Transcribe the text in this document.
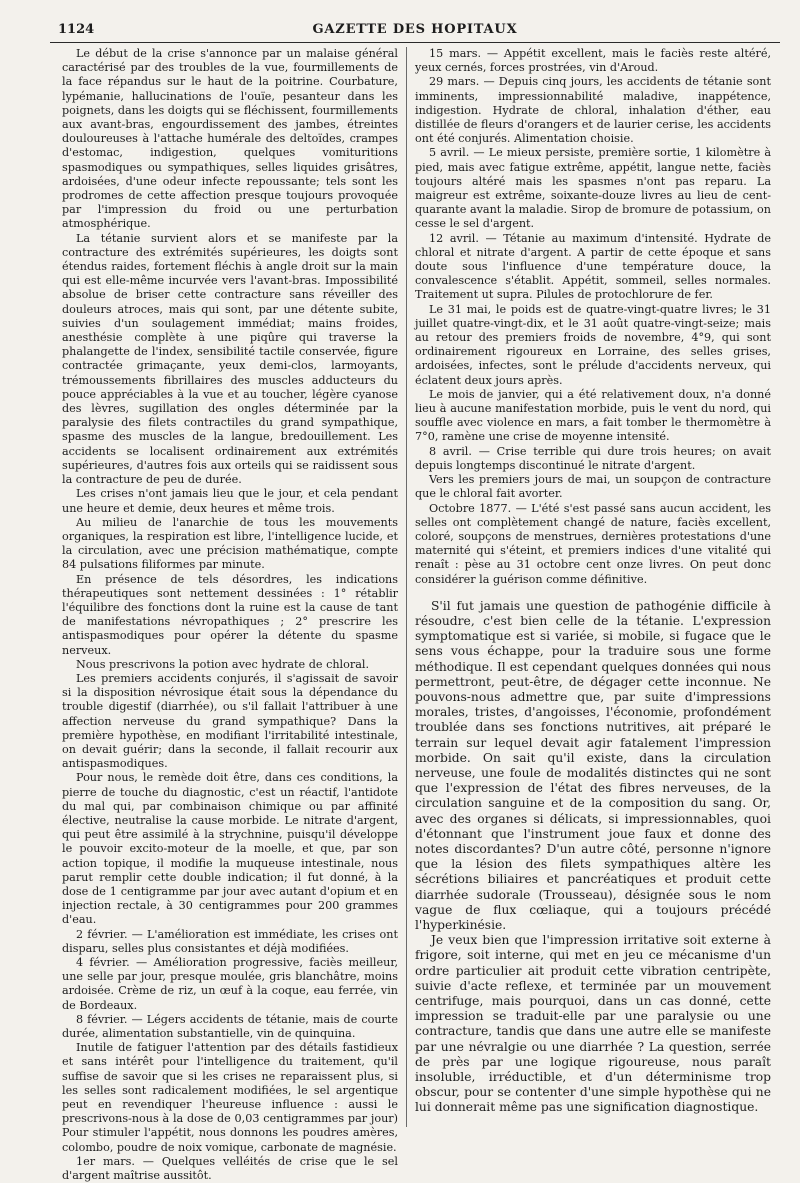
1124	GAZETTE DES HOPITAUX

Le début de la crise s'annonce par un malaise général caractérisé par des troubles de la vue, fourmillements de la face répandus sur le haut de la poitrine. Courbature, lypémanie, hallucinations de l'ouïe, pesanteur dans les poignets, dans les doigts qui se fléchissent, fourmillements aux avant-bras, engourdissement des jambes, étreintes douloureuses à l'attache humérale des deltoïdes, crampes d'estomac, indigestion, quelques vomituritions spasmodiques ou sympathiques, selles liquides grisâtres, ardoisées, d'une odeur infecte repoussante; tels sont les prodromes de cette affection presque toujours provoquée par l'impression du froid ou une perturbation atmosphérique.

La tétanie survient alors et se manifeste par la contracture des extrémités supérieures, les doigts sont étendus raides, fortement fléchis à angle droit sur la main qui est elle-même incurvée vers l'avant-bras. Impossibilité absolue de briser cette contracture sans réveiller des douleurs atroces, mais qui sont, par une détente subite, suivies d'un soulagement immédiat; mains froides, anesthésie complète à une piqûre qui traverse la phalangette de l'index, sensibilité tactile conservée, figure contractée grimaçante, yeux demi-clos, larmoyants, trémoussements fibrillaires des muscles adducteurs du pouce appréciables à la vue et au toucher, légère cyanose des lèvres, sugillation des ongles déterminée par la paralysie des filets contractiles du grand sympathique, spasme des muscles de la langue, bredouillement. Les accidents se localisent ordinairement aux extrémités supérieures, d'autres fois aux orteils qui se raidissent sous la contracture de peu de durée.

Les crises n'ont jamais lieu que le jour, et cela pendant une heure et demie, deux heures et même trois.

Au milieu de l'anarchie de tous les mouvements organiques, la respiration est libre, l'intelligence lucide, et la circulation, avec une précision mathématique, compte 84 pulsations filiformes par minute.

En présence de tels désordres, les indications thérapeutiques sont nettement dessinées : 1° rétablir l'équilibre des fonctions dont la ruine est la cause de tant de manifestations névropathiques ; 2° prescrire les antispasmodiques pour opérer la détente du spasme nerveux.

Nous prescrivons la potion avec hydrate de chloral.

Les premiers accidents conjurés, il s'agissait de savoir si la disposition névrosique était sous la dépendance du trouble digestif (diarrhée), ou s'il fallait l'attribuer à une affection nerveuse du grand sympathique? Dans la première hypothèse, en modifiant l'irritabilité intestinale, on devait guérir; dans la seconde, il fallait recourir aux antispasmodiques.

Pour nous, le remède doit être, dans ces conditions, la pierre de touche du diagnostic, c'est un réactif, l'antidote du mal qui, par combinaison chimique ou par affinité élective, neutralise la cause morbide. Le nitrate d'argent, qui peut être assimilé à la strychnine, puisqu'il développe le pouvoir excito-moteur de la moelle, et que, par son action topique, il modifie la muqueuse intestinale, nous parut remplir cette double indication; il fut donné, à la dose de 1 centigramme par jour avec autant d'opium et en injection rectale, à 30 centigrammes pour 200 grammes d'eau.

2 février. — L'amélioration est immédiate, les crises ont disparu, selles plus consistantes et déjà modifiées.

4 février. — Amélioration progressive, faciès meilleur, une selle par jour, presque moulée, gris blanchâtre, moins ardoisée. Crème de riz, un œuf à la coque, eau ferrée, vin de Bordeaux.

8 février. — Légers accidents de tétanie, mais de courte durée, alimentation substantielle, vin de quinquina.

Inutile de fatiguer l'attention par des détails fastidieux et sans intérêt pour l'intelligence du traitement, qu'il suffise de savoir que si les crises ne reparaissent plus, si les selles sont radicalement modifiées, le sel argentique peut en revendiquer l'heureuse influence : aussi le prescrivons-nous à la dose de 0,03 centigrammes par jour) Pour stimuler l'appétit, nous donnons les poudres amères, colombo, poudre de noix vomique, carbonate de magnésie.

1er mars. — Quelques velléités de crise que le sel d'argent maîtrise aussitôt.

15 mars. — Appétit excellent, mais le faciès reste altéré, yeux cernés, forces prostrées, vin d'Aroud.

29 mars. — Depuis cinq jours, les accidents de tétanie sont imminents, impressionnabilité maladive, inappétence, indigestion. Hydrate de chloral, inhalation d'éther, eau distillée de fleurs d'orangers et de laurier cerise, les accidents ont été conjurés. Alimentation choisie.

5 avril. — Le mieux persiste, première sortie, 1 kilomètre à pied, mais avec fatigue extrême, appétit, langue nette, faciès toujours altéré mais les spasmes n'ont pas reparu. La maigreur est extrême, soixante-douze livres au lieu de cent-quarante avant la maladie. Sirop de bromure de potassium, on cesse le sel d'argent.

12 avril. — Tétanie au maximum d'intensité. Hydrate de chloral et nitrate d'argent. A partir de cette époque et sans doute sous l'influence d'une température douce, la convalescence s'établit. Appétit, sommeil, selles normales. Traitement ut supra. Pilules de protochlorure de fer.

Le 31 mai, le poids est de quatre-vingt-quatre livres; le 31 juillet quatre-vingt-dix, et le 31 août quatre-vingt-seize; mais au retour des premiers froids de novembre, 4°9, qui sont ordinairement rigoureux en Lorraine, des selles grises, ardoisées, infectes, sont le prélude d'accidents nerveux, qui éclatent deux jours après.

Le mois de janvier, qui a été relativement doux, n'a donné lieu à aucune manifestation morbide, puis le vent du nord, qui souffle avec violence en mars, a fait tomber le thermomètre à 7°0, ramène une crise de moyenne intensité.

8 avril. — Crise terrible qui dure trois heures; on avait depuis longtemps discontinué le nitrate d'argent.

Vers les premiers jours de mai, un soupçon de contracture que le chloral fait avorter.

Octobre 1877. — L'été s'est passé sans aucun accident, les selles ont complètement changé de nature, faciès excellent, coloré, soupçons de menstrues, dernières protestations d'une maternité qui s'éteint, et premiers indices d'une vitalité qui renaît : pèse au 31 octobre cent onze livres. On peut donc considérer la guérison comme définitive.

S'il fut jamais une question de pathogénie difficile à résoudre, c'est bien celle de la tétanie. L'expression symptomatique est si variée, si mobile, si fugace que le sens vous échappe, pour la traduire sous une forme méthodique. Il est cependant quelques données qui nous permettront, peut-être, de dégager cette inconnue. Ne pouvons-nous admettre que, par suite d'impressions morales, tristes, d'angoisses, l'économie, profondément troublée dans ses fonctions nutritives, ait préparé le terrain sur lequel devait agir fatalement l'impression morbide. On sait qu'il existe, dans la circulation nerveuse, une foule de modalités distinctes qui ne sont que l'expression de l'état des fibres nerveuses, de la circulation sanguine et de la composition du sang. Or, avec des organes si délicats, si impressionnables, quoi d'étonnant que l'instrument joue faux et donne des notes discordantes? D'un autre côté, personne n'ignore que la lésion des filets sympathiques altère les sécrétions biliaires et pancréatiques et produit cette diarrhée sudorale (Trousseau), désignée sous le nom vague de flux cœliaque, qui a toujours précédé l'hyperkinésie.

Je veux bien que l'impression irritative soit externe à frigore, soit interne, qui met en jeu ce mécanisme d'un ordre particulier ait produit cette vibration centripète, suivie d'acte reflexe, et terminée par un mouvement centrifuge, mais pourquoi, dans un cas donné, cette impression se traduit-elle par une paralysie ou une contracture, tandis que dans une autre elle se manifeste par une névralgie ou une diarrhée ? La question, serrée de près par une logique rigoureuse, nous paraît insoluble, irréductible, et d'un déterminisme trop obscur, pour se contenter d'une simple hypothèse qui ne lui donnerait même pas une signification diagnostique.
